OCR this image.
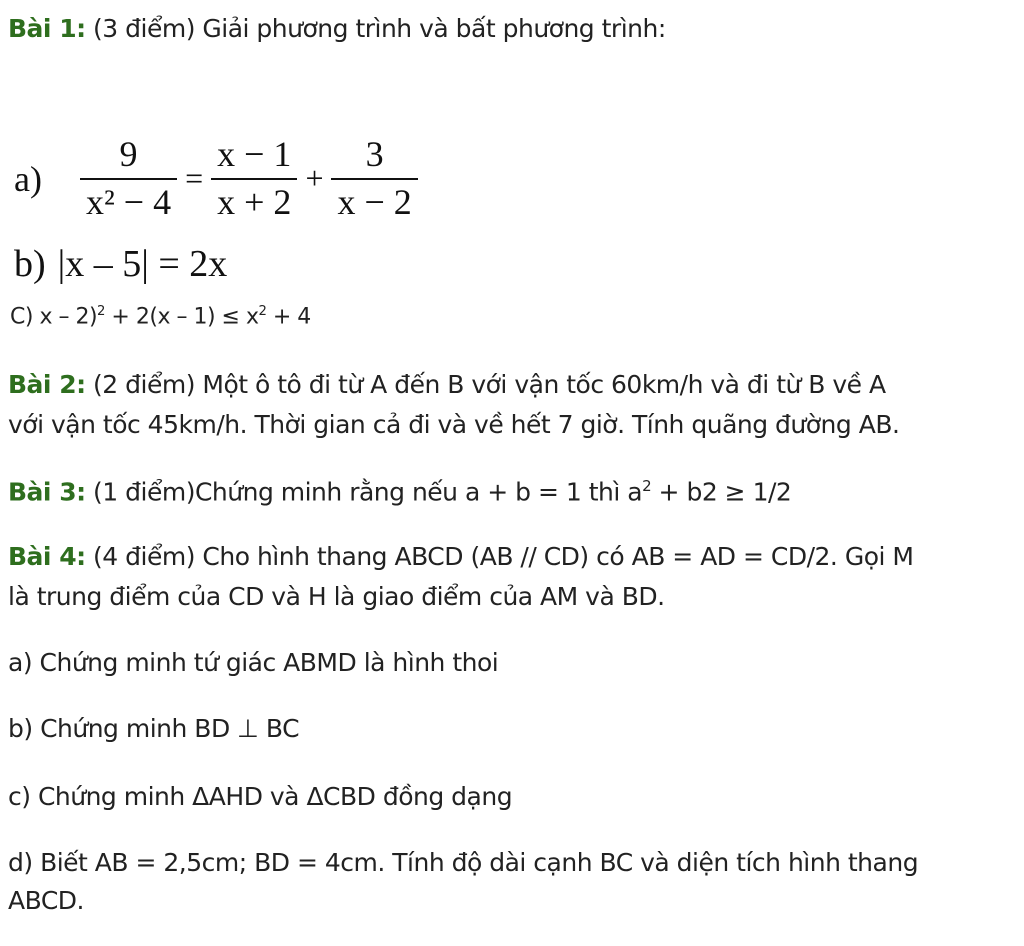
Bài 1: (3 điểm) Giải phương trình và bất phương trình:
$a) \frac{9}{\text{x² − 4}} = \frac{x - 1}{x + 2} + \frac{3}{x - 2}$
b) |x – 5| = 2x
C) $x - 2)^2 + 2(x - 1) \le x^2 + 4$
Bài 2: (2 điểm) Một ô tô đi từ A đến B với vận tốc 60km/h và đi từ B về A
với vận tốc 45km/h. Thời gian cả đi và về hết 7 giờ. Tính quãng đường AB.
Bài 3: (1 điểm)Chứng minh rằng nếu a + b = 1 thì $a^2 + b2 \ge 1/2$
Bài 4: (4 điểm) Cho hình thang ABCD (AB // CD) có AB = AD = CD/2. Gọi M
là trung điểm của CD và H là giao điểm của AM và BD.
a) Chứng minh tứ giác ABMD là hình thoi
b) Chứng minh BD ⊥ BC
c) Chứng minh ΔAHD và ΔCBD đồng dạng
d) Biết AB = 2,5cm; BD = 4cm. Tính độ dài cạnh BC và diện tích hình thang
ABCD.
